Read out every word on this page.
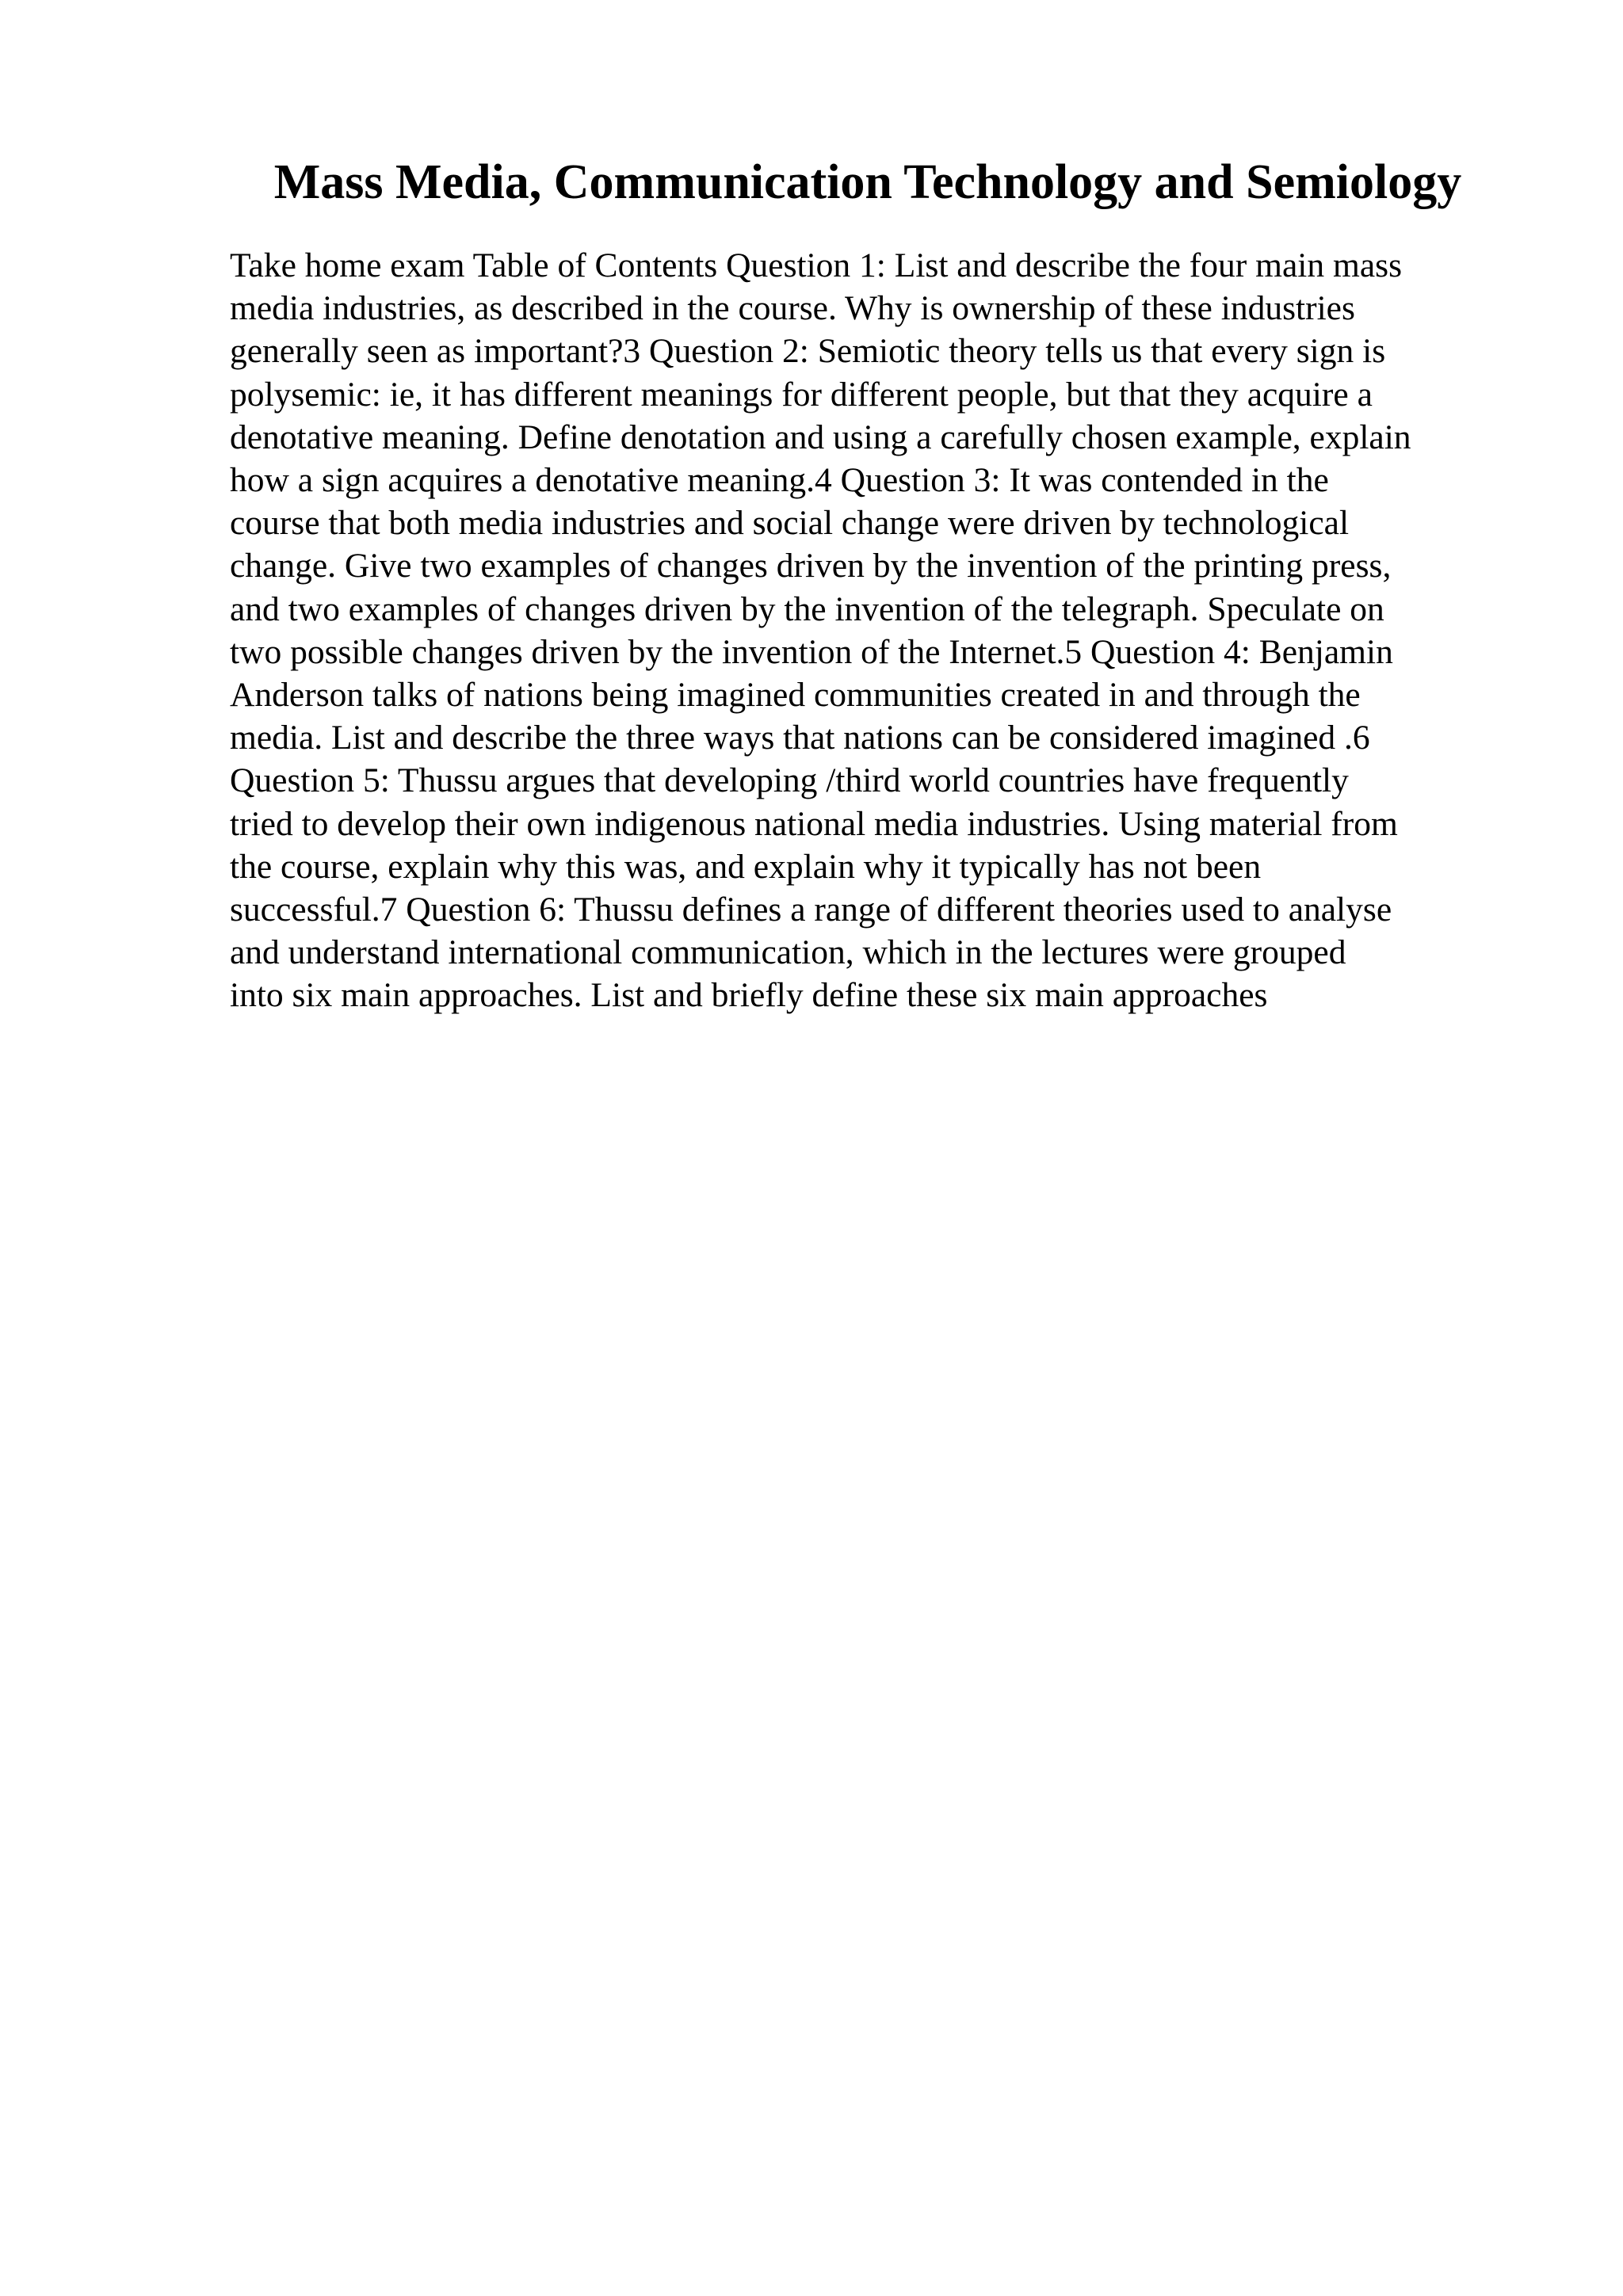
Mass Media, Communication Technology and Semiology

Take home exam Table of Contents Question 1: List and describe the four main mass
media industries, as described in the course. Why is ownership of these industries
generally seen as important?3 Question 2: Semiotic theory tells us that every sign is
polysemic: ie, it has different meanings for different people, but that they acquire a
denotative meaning. Define denotation and using a carefully chosen example, explain
how a sign acquires a denotative meaning.4 Question 3: It was contended in the
course that both media industries and social change were driven by technological
change. Give two examples of changes driven by the invention of the printing press,
and two examples of changes driven by the invention of the telegraph. Speculate on
two possible changes driven by the invention of the Internet.5 Question 4: Benjamin
Anderson talks of nations being imagined communities created in and through the
media. List and describe the three ways that nations can be considered imagined .6
Question 5: Thussu argues that developing /third world countries have frequently
tried to develop their own indigenous national media industries. Using material from
the course, explain why this was, and explain why it typically has not been
successful.7 Question 6: Thussu defines a range of different theories used to analyse
and understand international communication, which in the lectures were grouped
into six main approaches. List and briefly define these six main approaches
